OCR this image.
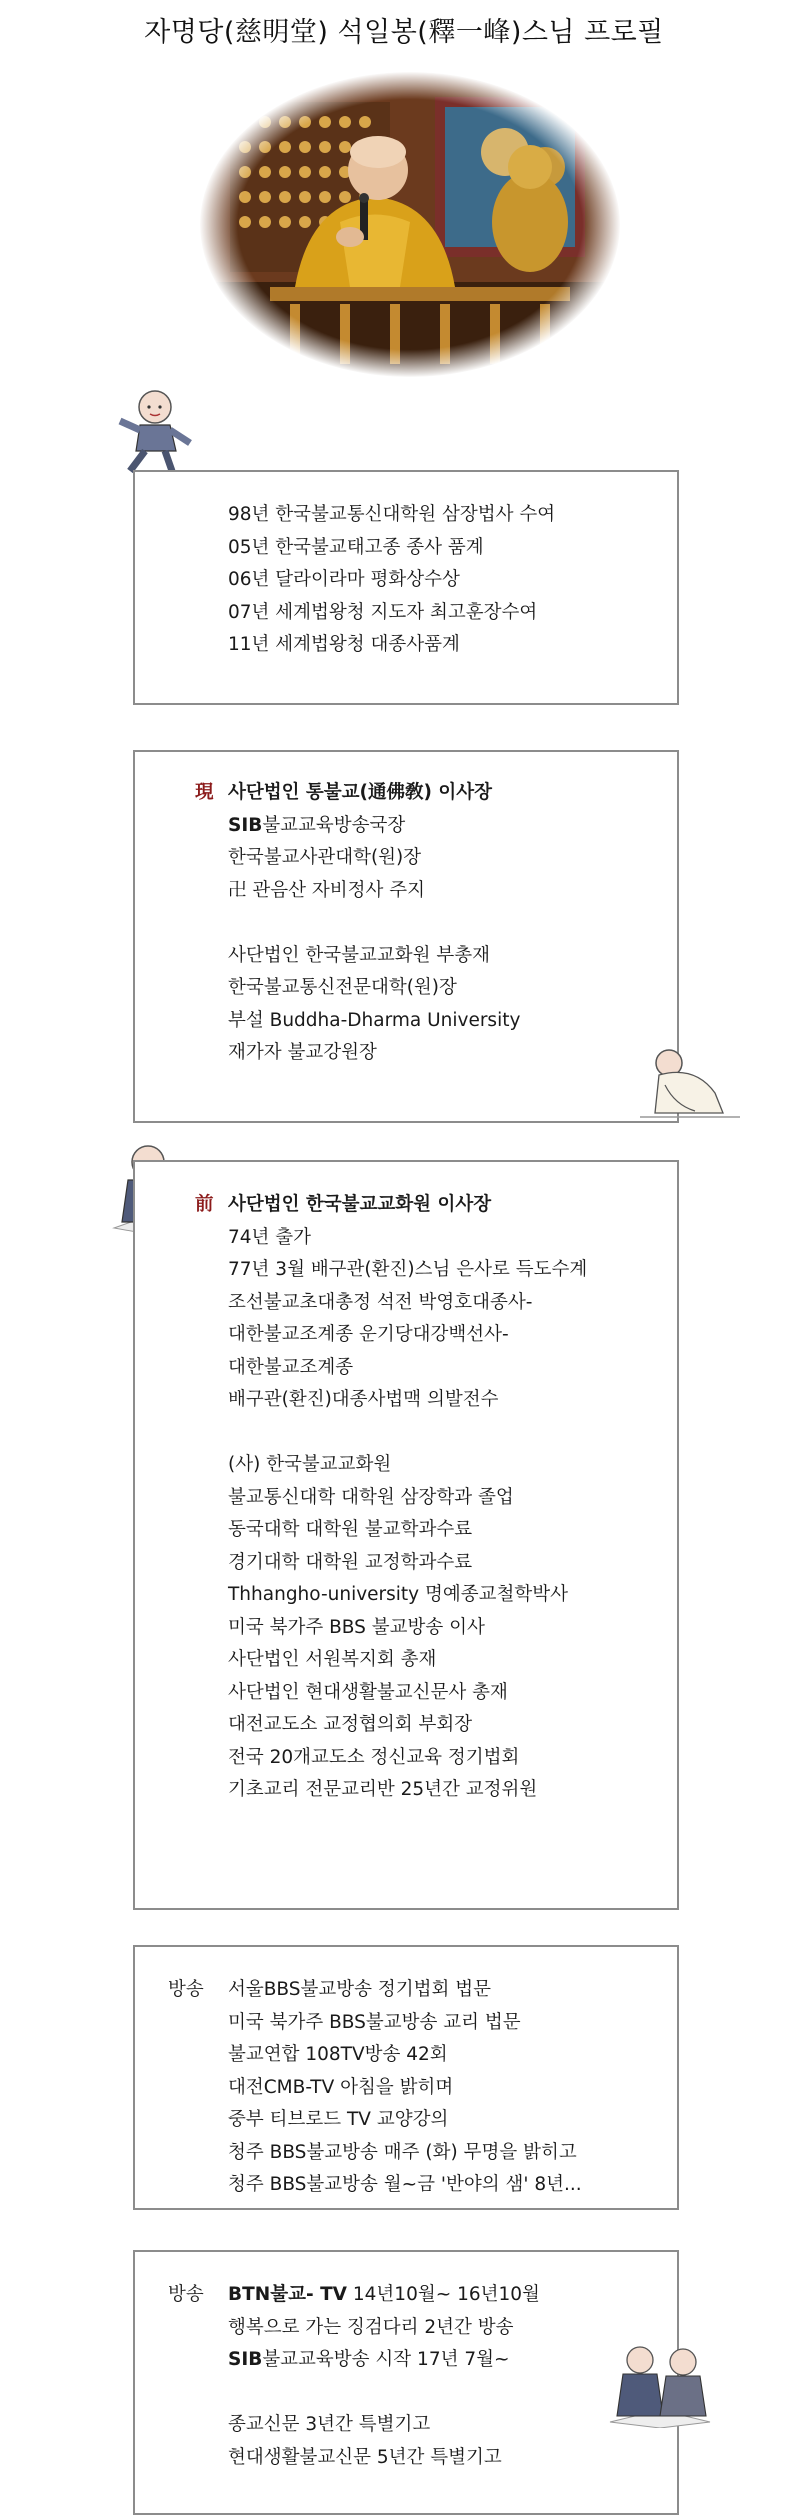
자명당(慈明堂) 석일봉(釋一峰)스님 프로필
98년 한국불교통신대학원 삼장법사 수여
05년 한국불교태고종 종사 품계
06년 달라이라마 평화상수상
07년 세계법왕청 지도자 최고훈장수여
11년 세계법왕청 대종사품계
現 사단법인 통불교(通佛敎) 이사장
SIB불교교육방송국장
한국불교사관대학(원)장
卍 관음산 자비정사 주지
사단법인 한국불교교화원 부총재
한국불교통신전문대학(원)장
부설 Buddha-Dharma University
재가자 불교강원장
前 사단법인 한국불교교화원 이사장
74년 출가
77년 3월 배구관(환진)스님 은사로 득도수계
조선불교초대총정 석전 박영호대종사-
대한불교조계종 운기당대강백선사-
대한불교조계종
배구관(환진)대종사법맥 의발전수
(사) 한국불교교화원
불교통신대학 대학원 삼장학과 졸업
동국대학 대학원 불교학과수료
경기대학 대학원 교정학과수료
Thhangho-university 명예종교철학박사
미국 북가주 BBS 불교방송 이사
사단법인 서원복지회 총재
사단법인 현대생활불교신문사 총재
대전교도소 교정협의회 부회장
전국 20개교도소 정신교육 정기법회
기초교리 전문교리반 25년간 교정위원
방송 서울BBS불교방송 정기법회 법문
미국 북가주 BBS불교방송 교리 법문
불교연합 108TV방송 42회
대전CMB-TV 아침을 밝히며
중부 티브로드 TV 교양강의
청주 BBS불교방송 매주 (화) 무명을 밝히고
청주 BBS불교방송 월~금 '반야의 샘' 8년...
방송 BTN불교- TV 14년10월~ 16년10월
행복으로 가는 징검다리 2년간 방송
SIB불교교육방송 시작 17년 7월~
종교신문 3년간 특별기고
현대생활불교신문 5년간 특별기고
